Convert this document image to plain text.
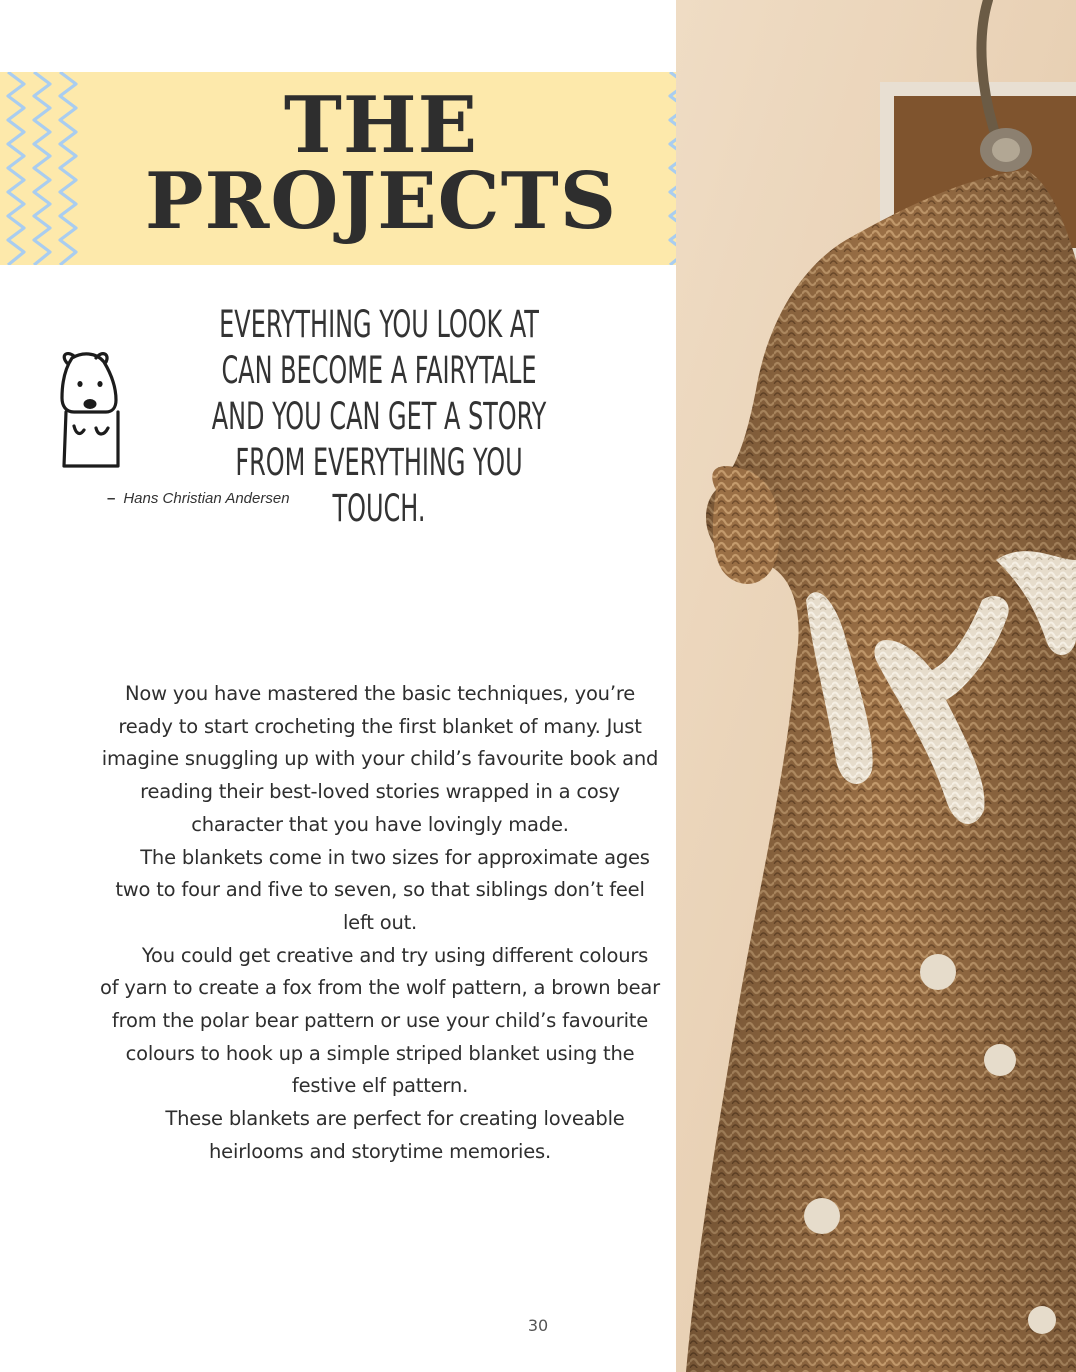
THE
PROJECTS
EVERYTHING YOU LOOK AT CAN BECOME A FAIRYTALE AND YOU CAN GET A STORY FROM EVERYTHING YOU TOUCH.
– Hans Christian Andersen

Now you have mastered the basic techniques, you’re ready to start crocheting the first blanket of many. Just imagine snuggling up with your child’s favourite book and reading their best-loved stories wrapped in a cosy character that you have lovingly made.

The blankets come in two sizes for approximate ages two to four and five to seven, so that siblings don’t feel left out.

You could get creative and try using different colours of yarn to create a fox from the wolf pattern, a brown bear from the polar bear pattern or use your child’s favourite colours to hook up a simple striped blanket using the festive elf pattern.

These blankets are perfect for creating loveable heirlooms and storytime memories.

30
